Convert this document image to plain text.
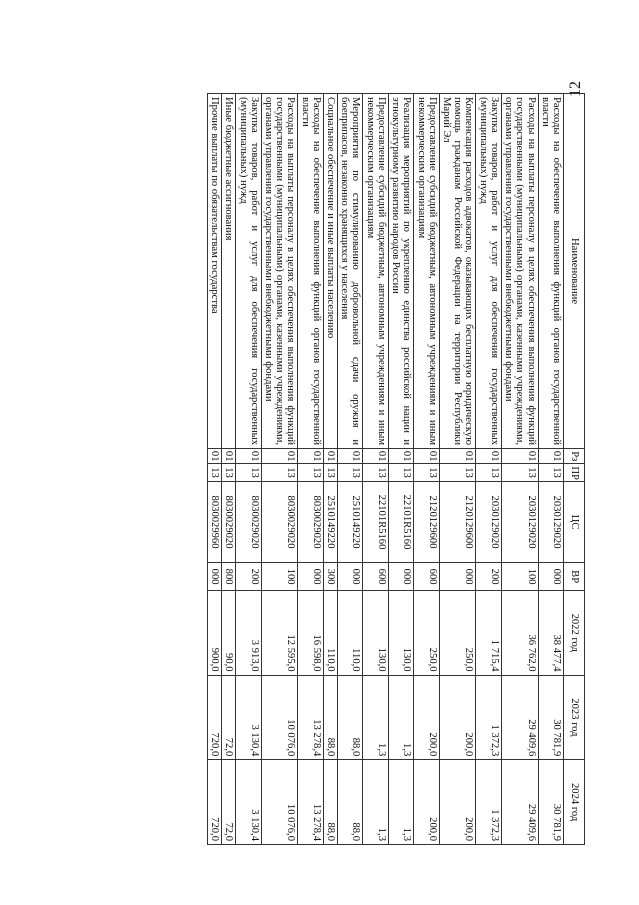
12
Наименование	Рз	ПР	ЦС	ВР	2022 год	2023 год	2024 год
Расходы на обеспечение выполнения функций органов государственной власти	01	13	2030129020	000	38 477,4	30 781,9	30 781,9
Расходы на выплаты персоналу в целях обеспечения выполнения функций государственными (муниципальными) органами, казенными учреждениями, органами управления государственными внебюджетными фондами	01	13	2030129020	100	36 762,0	29 409,6	29 409,6
Закупка товаров, работ и услуг для обеспечения государственных (муниципальных) нужд	01	13	2030129020	200	1 715,4	1 372,3	1 372,3
Компенсация расходов адвокатов, оказывающих бесплатную юридическую помощь гражданам Российской Федерации на территории Республики Марий Эл	01	13	2120129600	000	250,0	200,0	200,0
Предоставление субсидий бюджетным, автономным учреждениям и иным некоммерческим организациям	01	13	2120129600	600	250,0	200,0	200,0
Реализация мероприятий по укреплению единства российской нации и этнокультурному развитию народов России	01	13	22101R5160	000	130,0	1,3	1,3
Предоставление субсидий бюджетным, автономным учреждениям и иным некоммерческим организациям	01	13	22101R5160	600	130,0	1,3	1,3
Мероприятия по стимулированию добровольной сдачи оружия и боеприпасов, незаконно хранящихся у населения	01	13	2510149220	000	110,0	88,0	88,0
Социальное обеспечение и иные выплаты населению	01	13	2510149220	300	110,0	88,0	88,0
Расходы на обеспечение выполнения функций органов государственной власти	01	13	8030029020	000	16 598,0	13 278,4	13 278,4
Расходы на выплаты персоналу в целях обеспечения выполнения функций государственными (муниципальными) органами, казенными учреждениями, органами управления государственными внебюджетными фондами	01	13	8030029020	100	12 595,0	10 076,0	10 076,0
Закупка товаров, работ и услуг для обеспечения государственных (муниципальных) нужд	01	13	8030029020	200	3 913,0	3 130,4	3 130,4
Иные бюджетные ассигнования	01	13	8030029020	800	90,0	72,0	72,0
Прочие выплаты по обязательствам государства	01	13	8030029960	000	900,0	720,0	720,0
